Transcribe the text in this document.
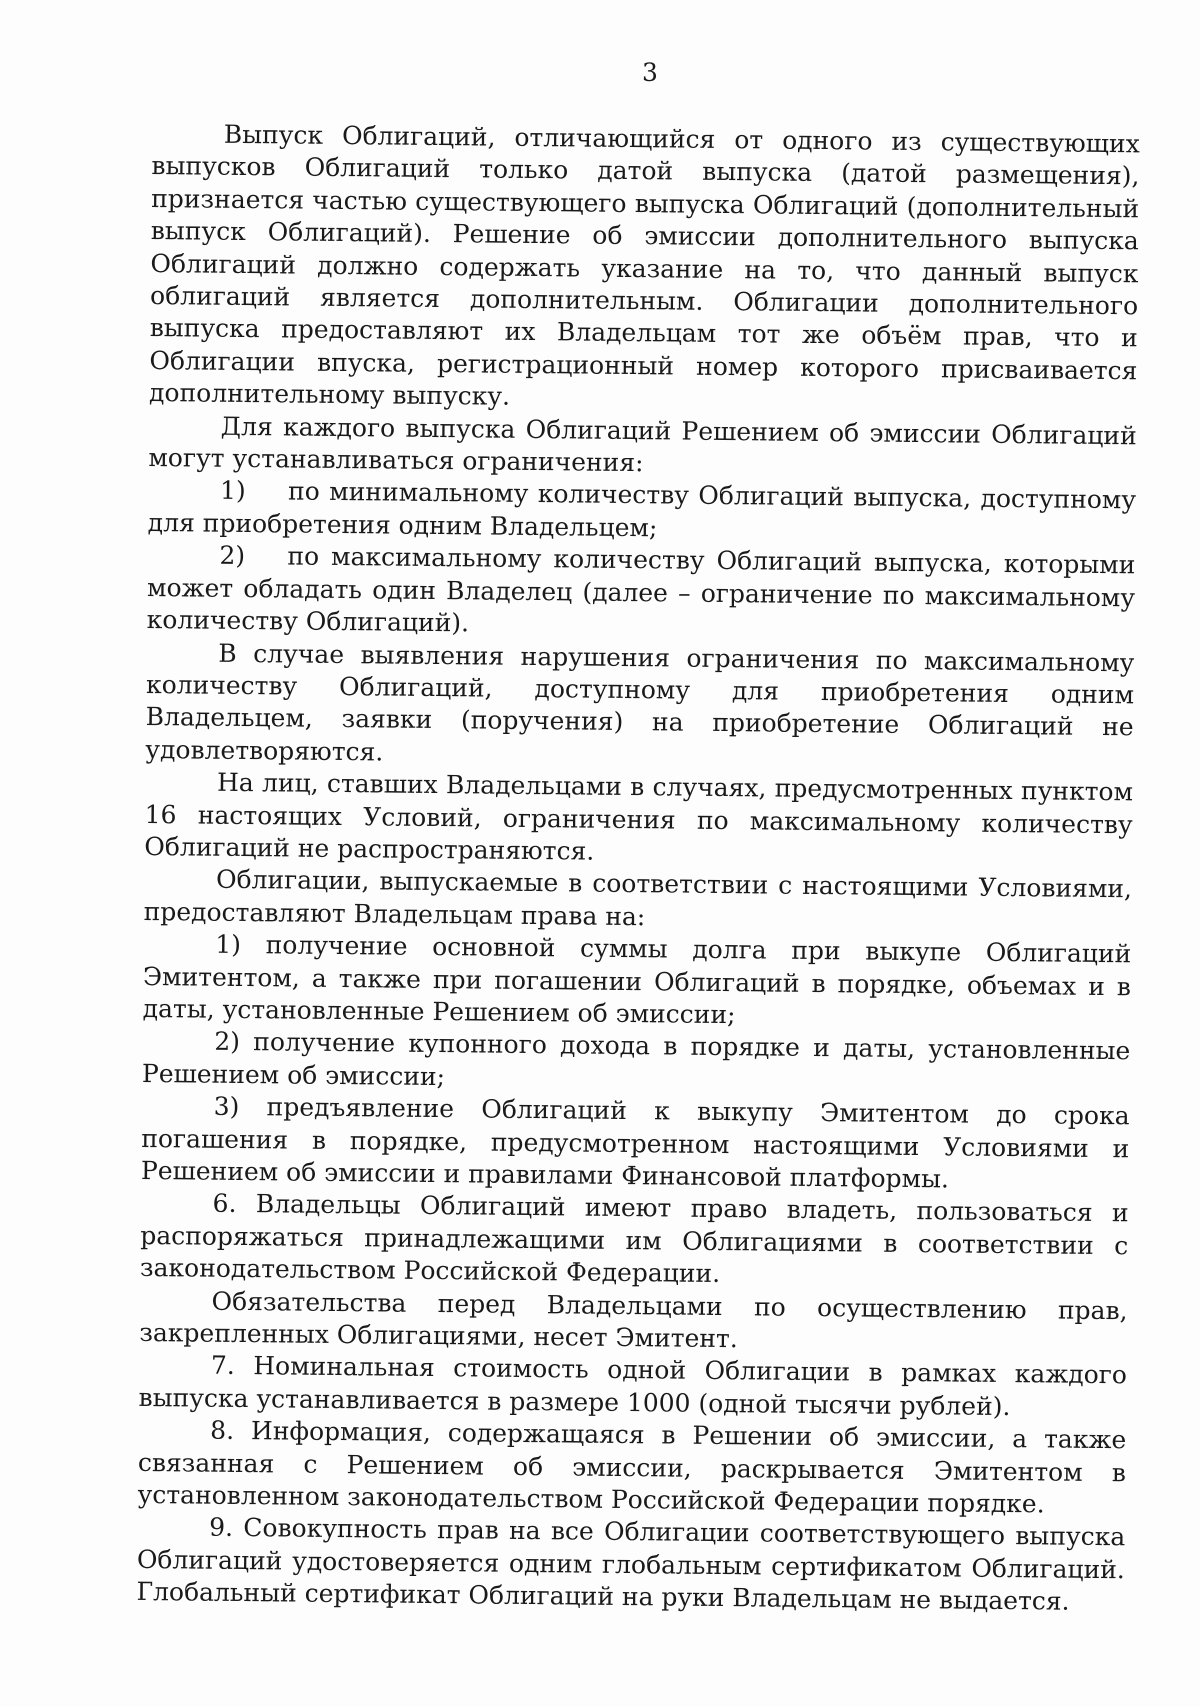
3

Выпуск Облигаций, отличающийся от одного из существующих выпусков Облигаций только датой выпуска (датой размещения), признается частью существующего выпуска Облигаций (дополнительный выпуск Облигаций). Решение об эмиссии дополнительного выпуска Облигаций должно содержать указание на то, что данный выпуск облигаций является дополнительным. Облигации дополнительного выпуска предоставляют их Владельцам тот же объём прав, что и Облигации впуска, регистрационный номер которого присваивается дополнительному выпуску.

Для каждого выпуска Облигаций Решением об эмиссии Облигаций могут устанавливаться ограничения:

1) по минимальному количеству Облигаций выпуска, доступному для приобретения одним Владельцем;

2) по максимальному количеству Облигаций выпуска, которыми может обладать один Владелец (далее – ограничение по максимальному количеству Облигаций).

В случае выявления нарушения ограничения по максимальному количеству Облигаций, доступному для приобретения одним Владельцем, заявки (поручения) на приобретение Облигаций не удовлетворяются.

На лиц, ставших Владельцами в случаях, предусмотренных пунктом 16 настоящих Условий, ограничения по максимальному количеству Облигаций не распространяются.

Облигации, выпускаемые в соответствии с настоящими Условиями, предоставляют Владельцам права на:

1) получение основной суммы долга при выкупе Облигаций Эмитентом, а также при погашении Облигаций в порядке, объемах и в даты, установленные Решением об эмиссии;

2) получение купонного дохода в порядке и даты, установленные Решением об эмиссии;

3) предъявление Облигаций к выкупу Эмитентом до срока погашения в порядке, предусмотренном настоящими Условиями и Решением об эмиссии и правилами Финансовой платформы.

6. Владельцы Облигаций имеют право владеть, пользоваться и распоряжаться принадлежащими им Облигациями в соответствии с законодательством Российской Федерации.

Обязательства перед Владельцами по осуществлению прав, закрепленных Облигациями, несет Эмитент.

7. Номинальная стоимость одной Облигации в рамках каждого выпуска устанавливается в размере 1000 (одной тысячи рублей).

8. Информация, содержащаяся в Решении об эмиссии, а также связанная с Решением об эмиссии, раскрывается Эмитентом в установленном законодательством Российской Федерации порядке.

9. Совокупность прав на все Облигации соответствующего выпуска Облигаций удостоверяется одним глобальным сертификатом Облигаций. Глобальный сертификат Облигаций на руки Владельцам не выдается.
